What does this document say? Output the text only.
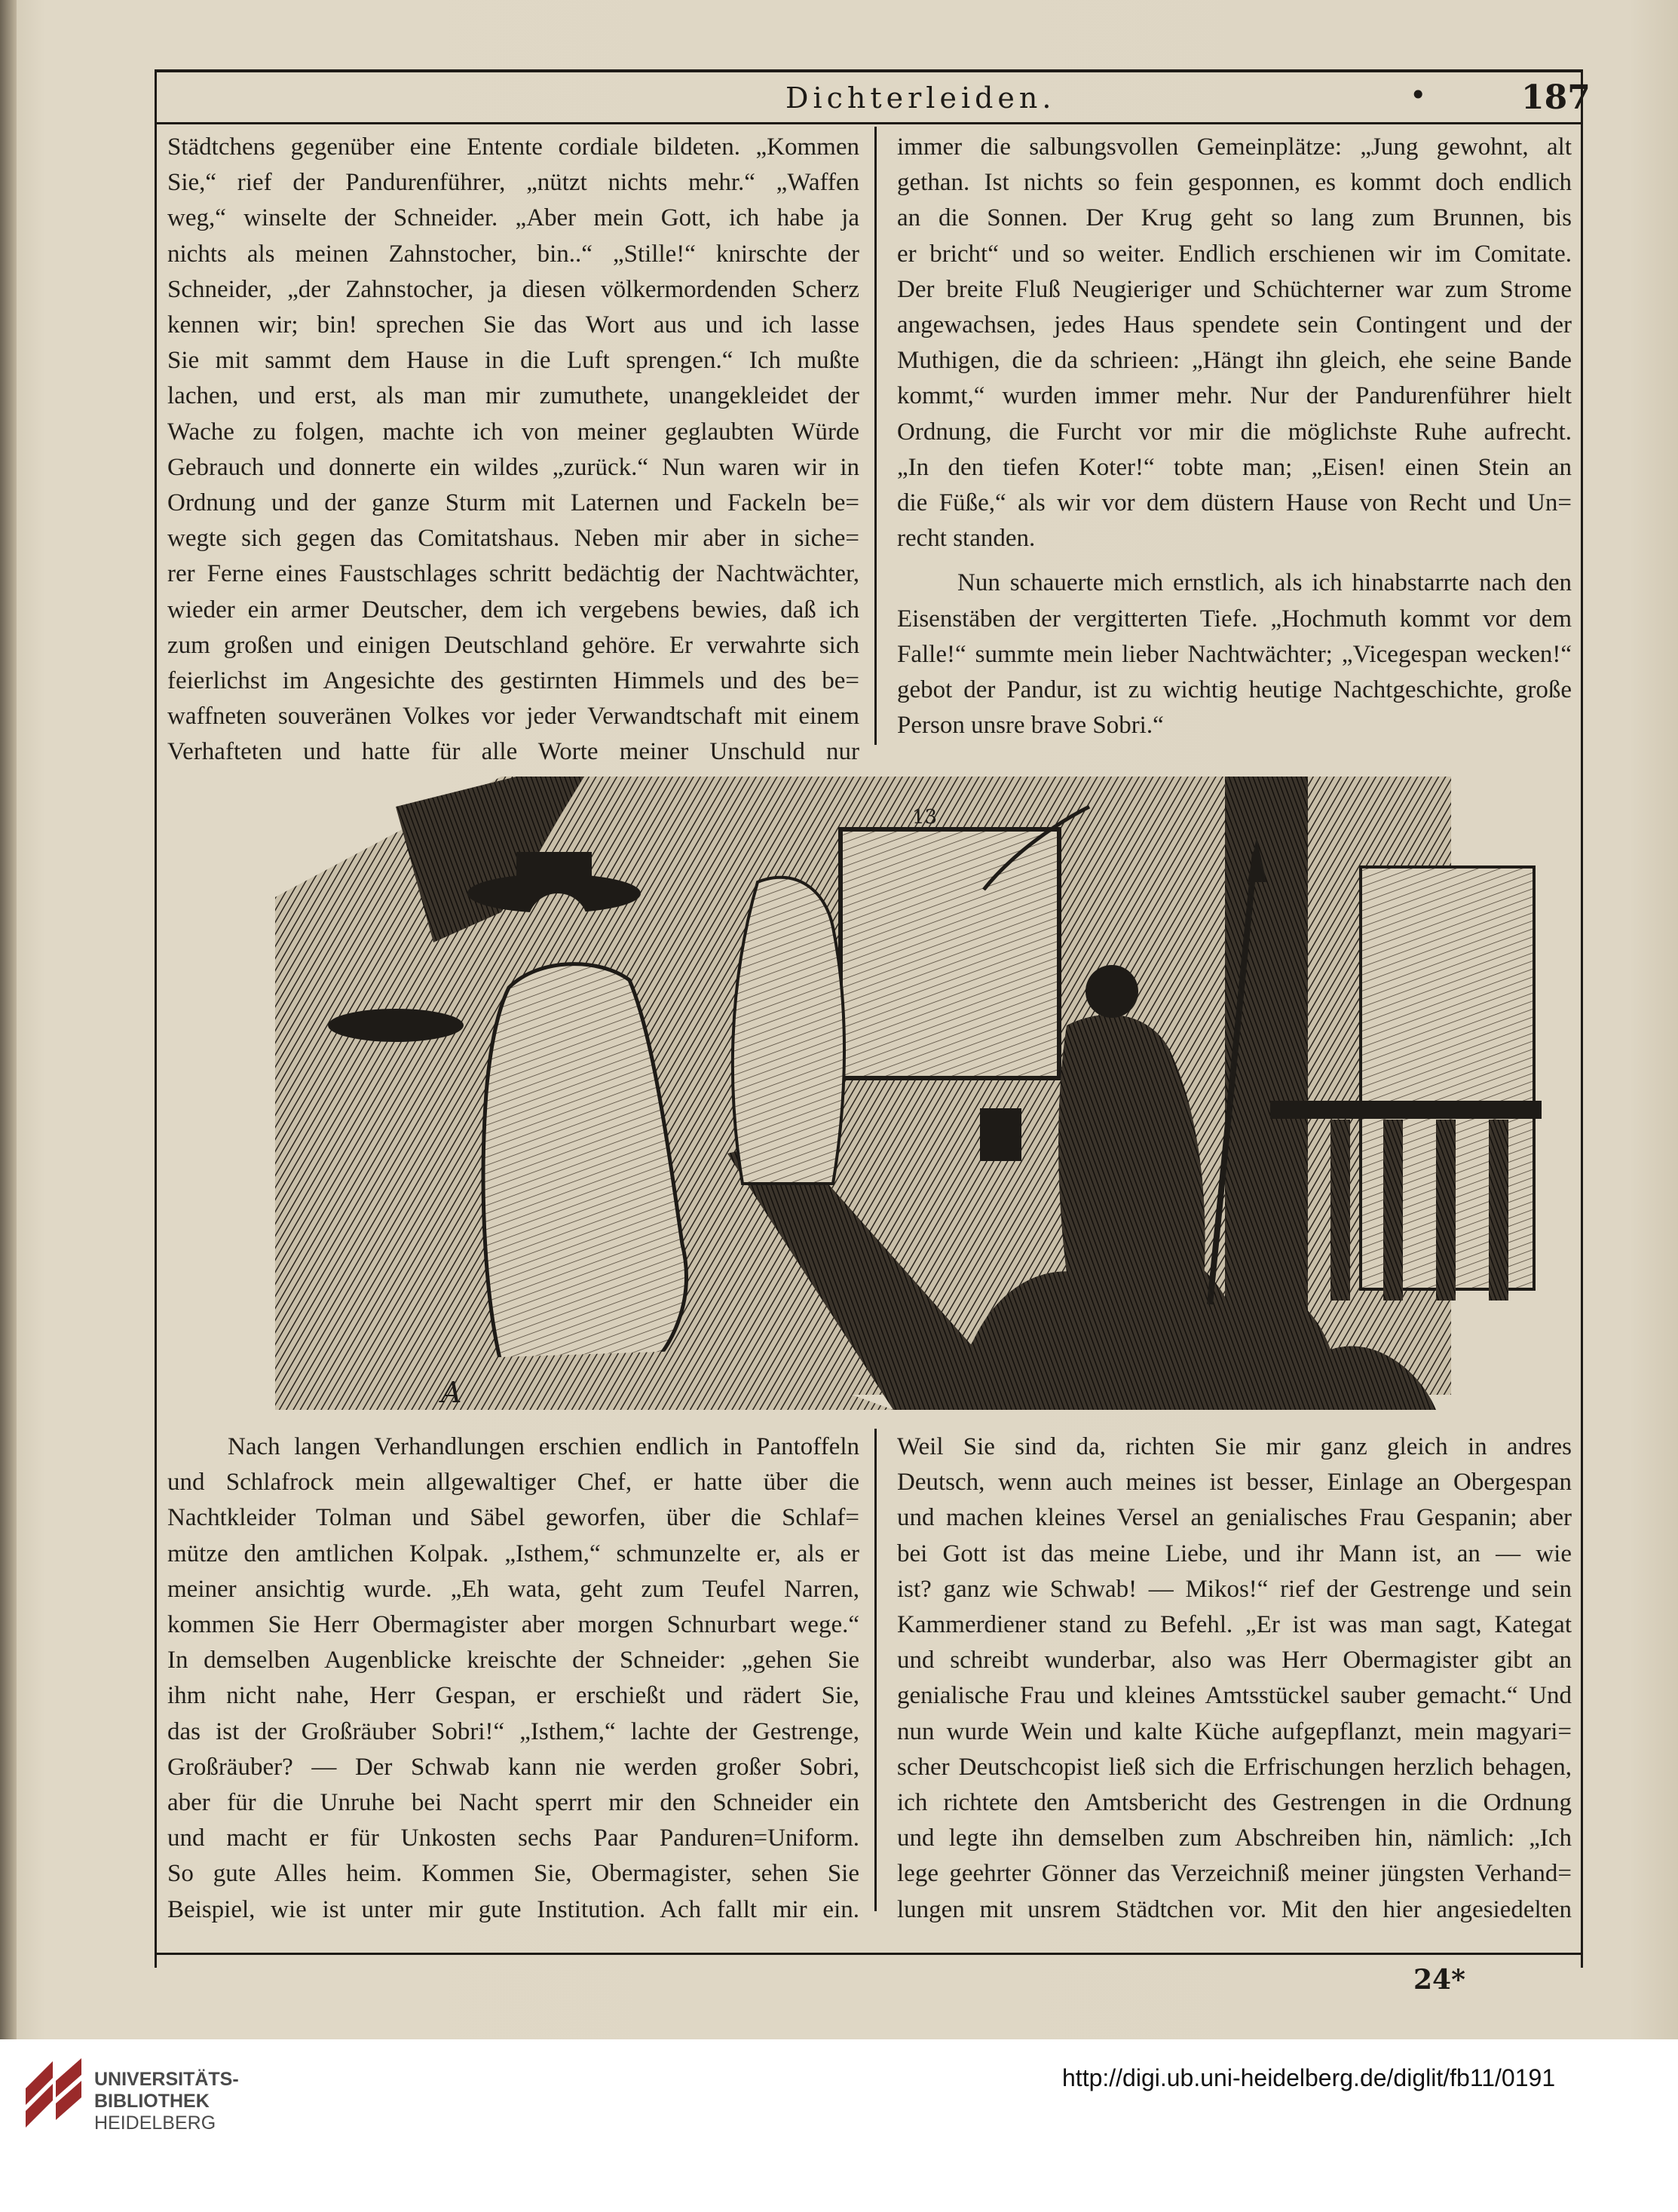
Dichterleiden.	•	187
Städtchens gegenüber eine Entente cordiale bildeten. „Kommen
Sie,“ rief der Pandurenführer, „nützt nichts mehr.“ „Waffen
weg,“ winselte der Schneider. „Aber mein Gott, ich habe ja
nichts als meinen Zahnstocher, bin..“ „Stille!“ knirschte der
Schneider, „der Zahnstocher, ja diesen völkermordenden Scherz
kennen wir; bin! sprechen Sie das Wort aus und ich lasse
Sie mit sammt dem Hause in die Luft sprengen.“ Ich mußte
lachen, und erst, als man mir zumuthete, unangekleidet der
Wache zu folgen, machte ich von meiner geglaubten Würde
Gebrauch und donnerte ein wildes „zurück.“ Nun waren wir in
Ordnung und der ganze Sturm mit Laternen und Fackeln be=
wegte sich gegen das Comitatshaus. Neben mir aber in siche=
rer Ferne eines Faustschlages schritt bedächtig der Nachtwächter,
wieder ein armer Deutscher, dem ich vergebens bewies, daß ich
zum großen und einigen Deutschland gehöre. Er verwahrte sich
feierlichst im Angesichte des gestirnten Himmels und des be=
waffneten souveränen Volkes vor jeder Verwandtschaft mit einem
Verhafteten und hatte für alle Worte meiner Unschuld nur
immer die salbungsvollen Gemeinplätze: „Jung gewohnt, alt
gethan. Ist nichts so fein gesponnen, es kommt doch endlich
an die Sonnen. Der Krug geht so lang zum Brunnen, bis
er bricht“ und so weiter. Endlich erschienen wir im Comitate.
Der breite Fluß Neugieriger und Schüchterner war zum Strome
angewachsen, jedes Haus spendete sein Contingent und der
Muthigen, die da schrieen: „Hängt ihn gleich, ehe seine Bande
kommt,“ wurden immer mehr. Nur der Pandurenführer hielt
Ordnung, die Furcht vor mir die möglichste Ruhe aufrecht.
„In den tiefen Koter!“ tobte man; „Eisen! einen Stein an
die Füße,“ als wir vor dem düstern Hause von Recht und Un=
recht standen.
Nun schauerte mich ernstlich, als ich hinabstarrte nach den
Eisenstäben der vergitterten Tiefe. „Hochmuth kommt vor dem
Falle!“ summte mein lieber Nachtwächter; „Vicegespan wecken!“
gebot der Pandur, ist zu wichtig heutige Nachtgeschichte, große
Person unsre brave Sobri.“
13
A
Nach langen Verhandlungen erschien endlich in Pantoffeln
und Schlafrock mein allgewaltiger Chef, er hatte über die
Nachtkleider Tolman und Säbel geworfen, über die Schlaf=
mütze den amtlichen Kolpak. „Isthem,“ schmunzelte er, als er
meiner ansichtig wurde. „Eh wata, geht zum Teufel Narren,
kommen Sie Herr Obermagister aber morgen Schnurbart wege.“
In demselben Augenblicke kreischte der Schneider: „gehen Sie
ihm nicht nahe, Herr Gespan, er erschießt und rädert Sie,
das ist der Großräuber Sobri!“ „Isthem,“ lachte der Gestrenge,
Großräuber? — Der Schwab kann nie werden großer Sobri,
aber für die Unruhe bei Nacht sperrt mir den Schneider ein
und macht er für Unkosten sechs Paar Panduren=Uniform.
So gute Alles heim. Kommen Sie, Obermagister, sehen Sie
Beispiel, wie ist unter mir gute Institution. Ach fallt mir ein.
Weil Sie sind da, richten Sie mir ganz gleich in andres
Deutsch, wenn auch meines ist besser, Einlage an Obergespan
und machen kleines Versel an genialisches Frau Gespanin; aber
bei Gott ist das meine Liebe, und ihr Mann ist, an — wie
ist? ganz wie Schwab! — Mikos!“ rief der Gestrenge und sein
Kammerdiener stand zu Befehl. „Er ist was man sagt, Kategat
und schreibt wunderbar, also was Herr Obermagister gibt an
genialische Frau und kleines Amtsstückel sauber gemacht.“ Und
nun wurde Wein und kalte Küche aufgepflanzt, mein magyari=
scher Deutschcopist ließ sich die Erfrischungen herzlich behagen,
ich richtete den Amtsbericht des Gestrengen in die Ordnung
und legte ihn demselben zum Abschreiben hin, nämlich: „Ich
lege geehrter Gönner das Verzeichniß meiner jüngsten Verhand=
lungen mit unsrem Städtchen vor. Mit den hier angesiedelten
24*
UNIVERSITÄTS-
BIBLIOTHEK
HEIDELBERG
http://digi.ub.uni-heidelberg.de/diglit/fb11/0191
